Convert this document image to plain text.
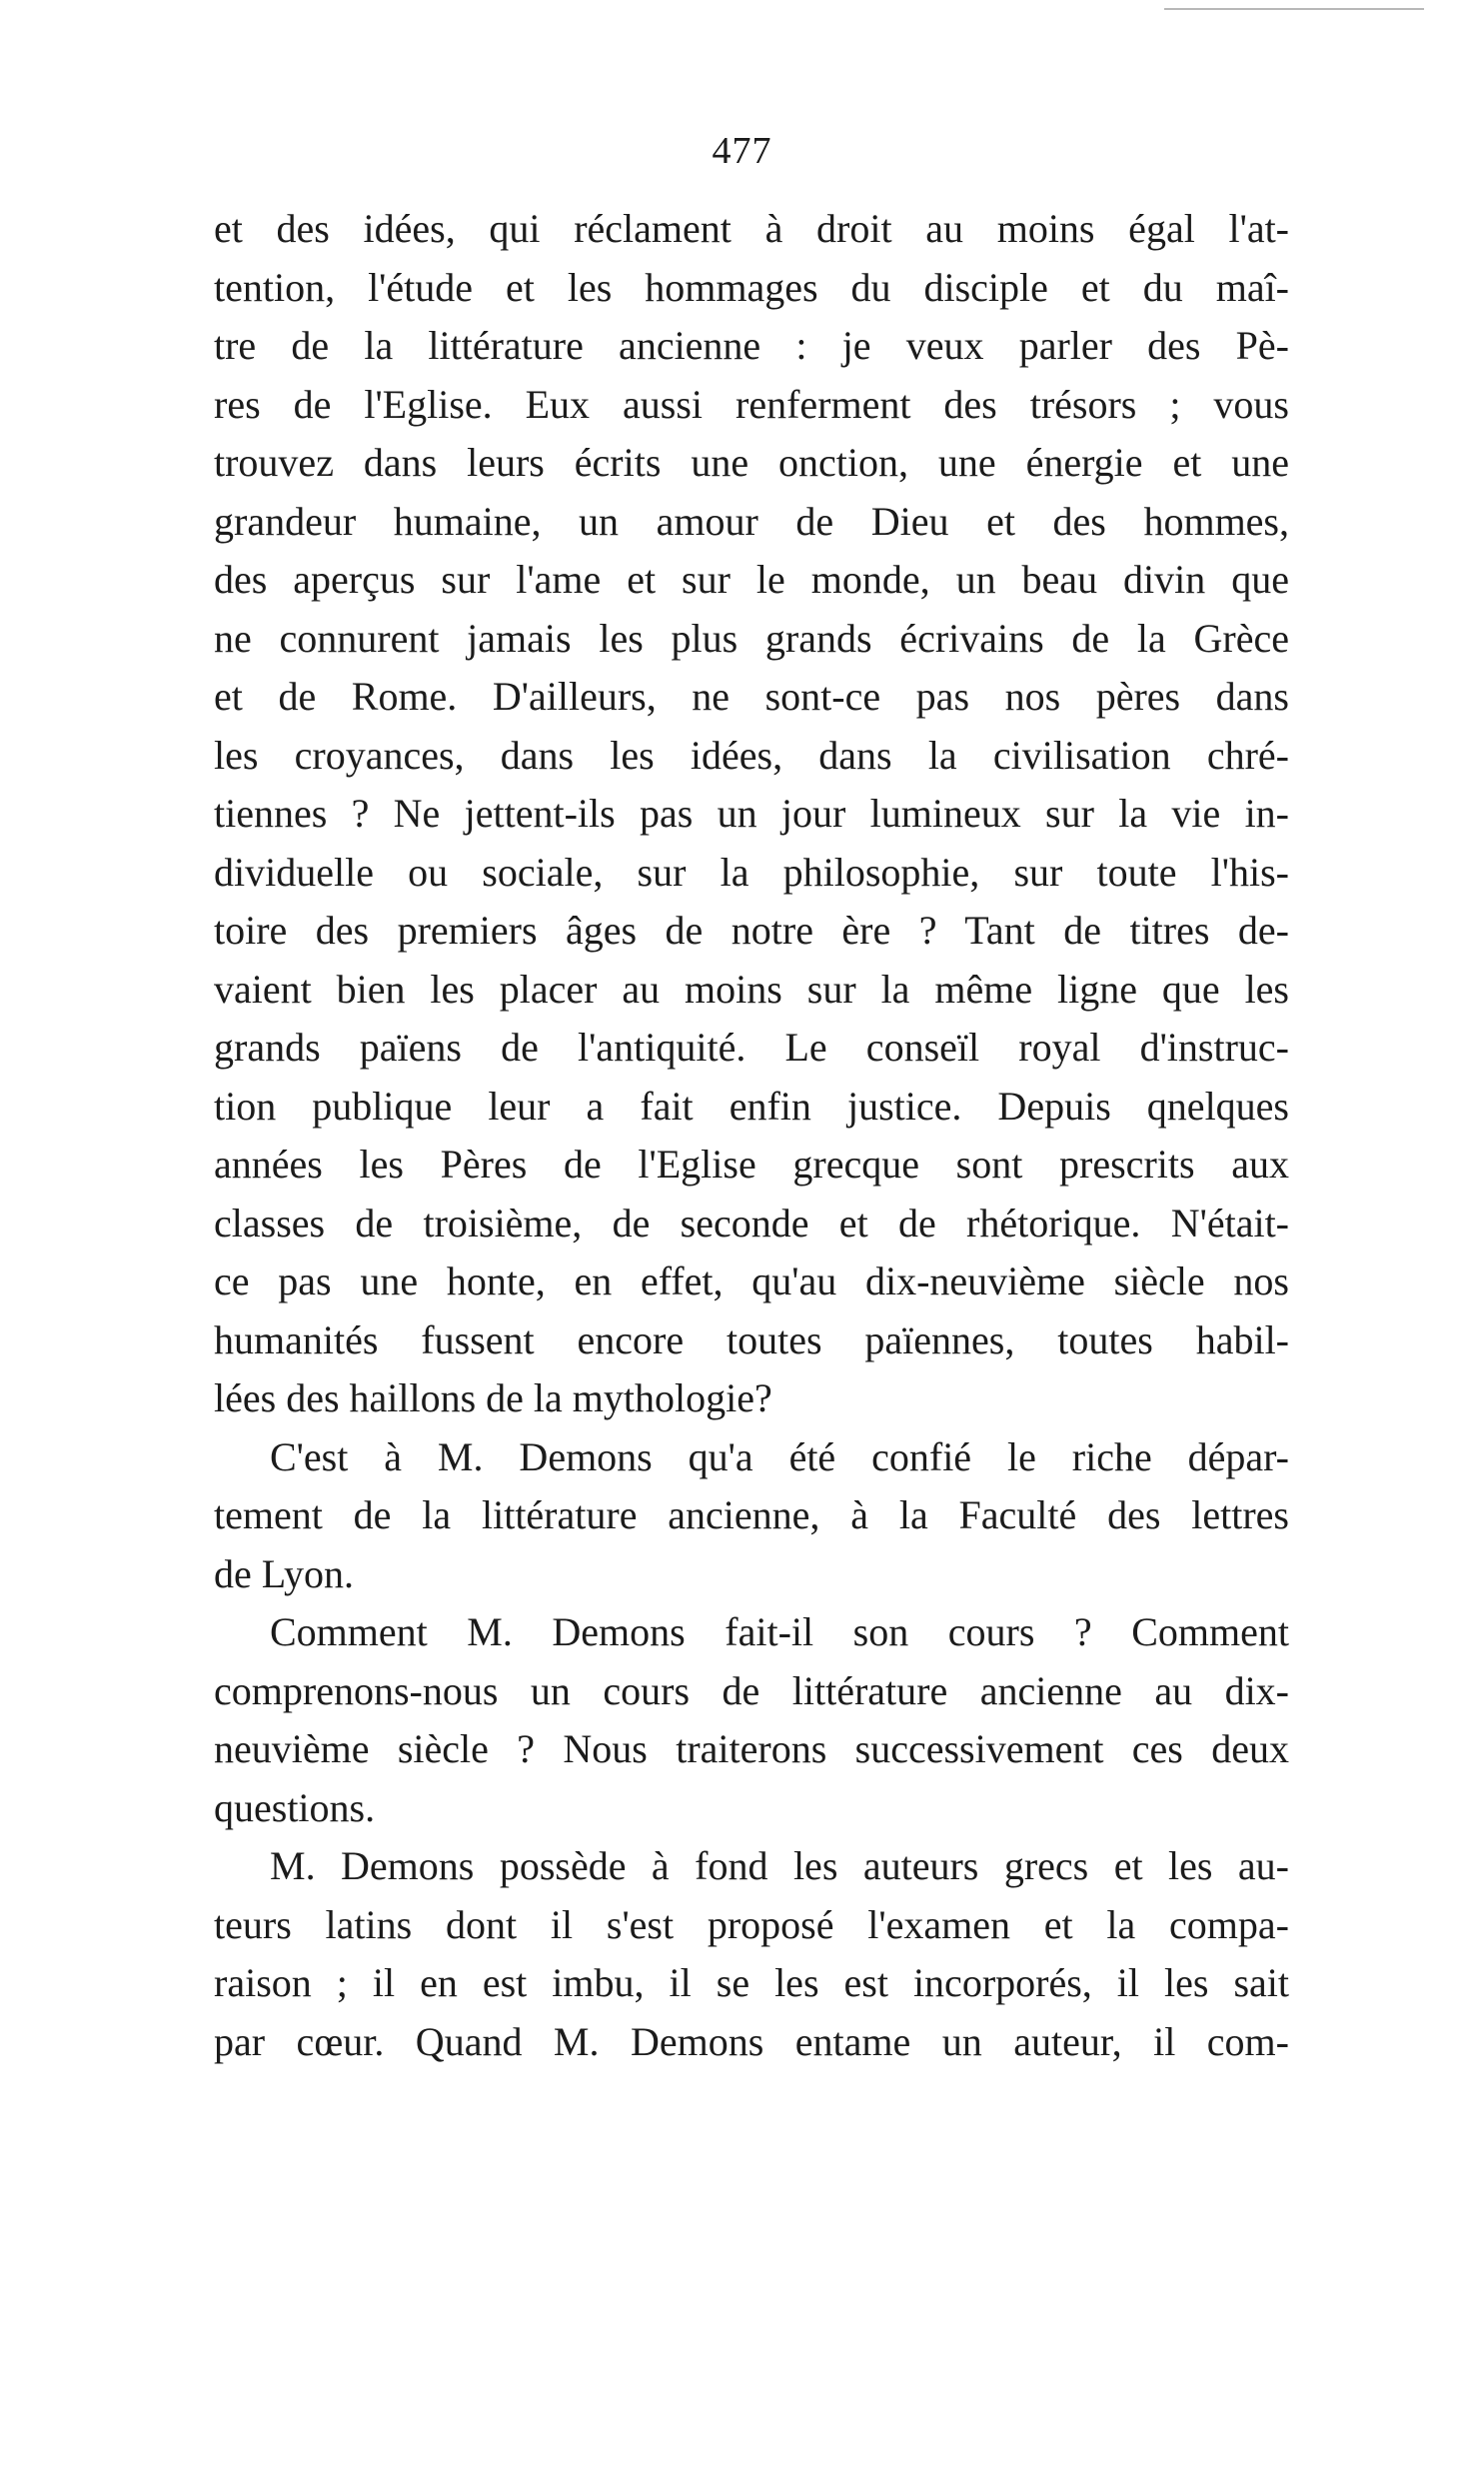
477
et des idées, qui réclament à droit au moins égal l'at-
tention, l'étude et les hommages du disciple et du maî-
tre de la littérature ancienne : je veux parler des Pè-
res de l'Eglise. Eux aussi renferment des trésors ; vous
trouvez dans leurs écrits une onction, une énergie et une
grandeur humaine, un amour de Dieu et des hommes,
des aperçus sur l'ame et sur le monde, un beau divin que
ne connurent jamais les plus grands écrivains de la Grèce
et de Rome. D'ailleurs, ne sont-ce pas nos pères dans
les croyances, dans les idées, dans la civilisation chré-
tiennes ? Ne jettent-ils pas un jour lumineux sur la vie in-
dividuelle ou sociale, sur la philosophie, sur toute l'his-
toire des premiers âges de notre ère ? Tant de titres de-
vaient bien les placer au moins sur la même ligne que les
grands païens de l'antiquité. Le conseïl royal d'instruc-
tion publique leur a fait enfin justice. Depuis qnelques
années les Pères de l'Eglise grecque sont prescrits aux
classes de troisième, de seconde et de rhétorique. N'était-
ce pas une honte, en effet, qu'au dix-neuvième siècle nos
humanités fussent encore toutes païennes, toutes habil-
lées des haillons de la mythologie?
C'est à M. Demons qu'a été confié le riche dépar-
tement de la littérature ancienne, à la Faculté des lettres
de Lyon.
Comment M. Demons fait-il son cours ? Comment
comprenons-nous un cours de littérature ancienne au dix-
neuvième siècle ? Nous traiterons successivement ces deux
questions.
M. Demons possède à fond les auteurs grecs et les au-
teurs latins dont il s'est proposé l'examen et la compa-
raison ; il en est imbu, il se les est incorporés, il les sait
par cœur. Quand M. Demons entame un auteur, il com-
